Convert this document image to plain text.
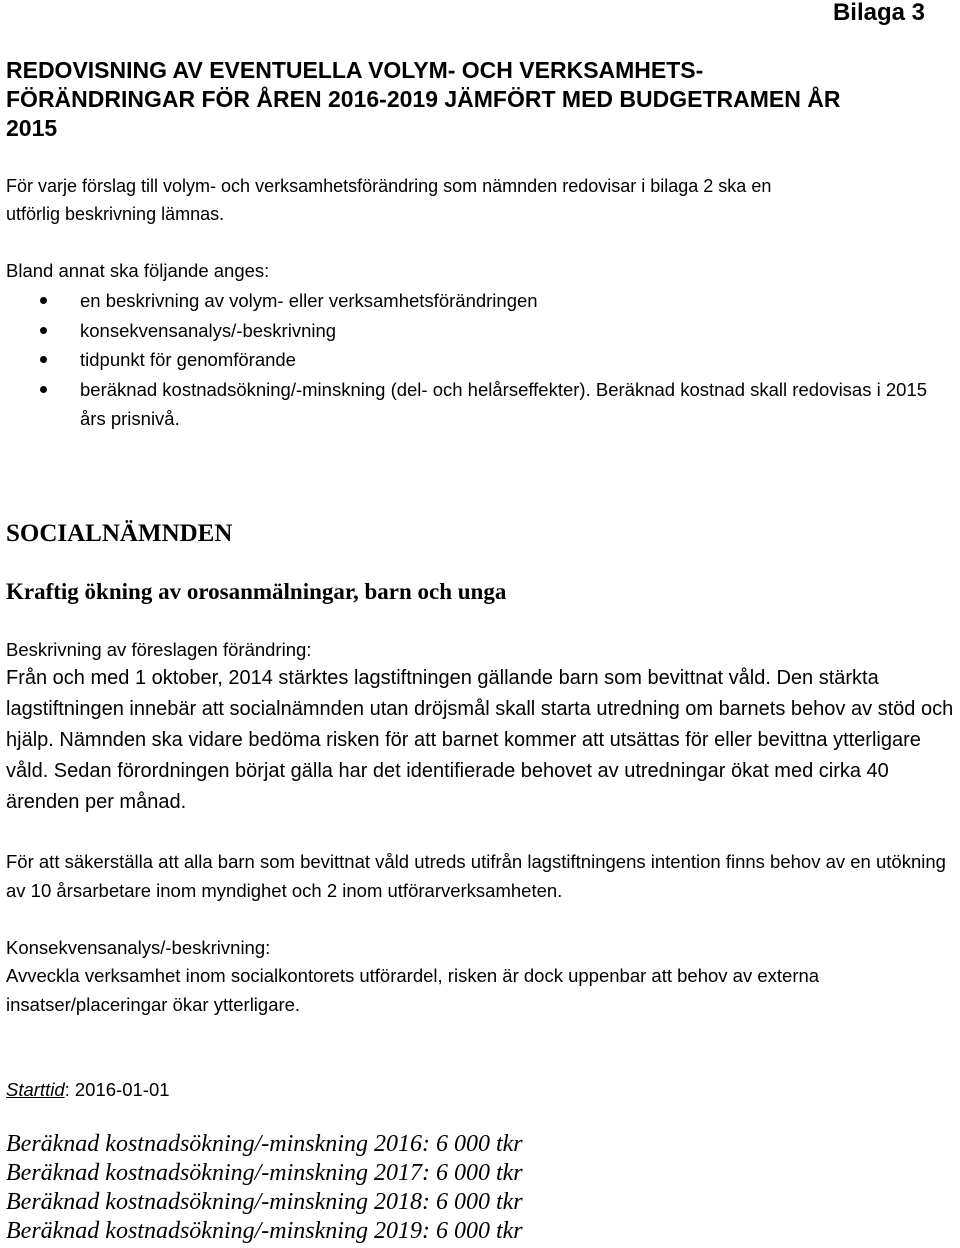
Bilaga 3
REDOVISNING AV EVENTUELLA VOLYM- OCH VERKSAMHETS-
FÖRÄNDRINGAR FÖR ÅREN 2016-2019 JÄMFÖRT MED BUDGETRAMEN ÅR
2015

För varje förslag till volym- och verksamhetsförändring som nämnden redovisar i bilaga 2 ska en
utförlig beskrivning lämnas.

Bland annat ska följande anges:

en beskrivning av volym- eller verksamhetsförändringen
konsekvensanalys/-beskrivning
tidpunkt för genomförande
beräknad kostnadsökning/-minskning (del- och helårseffekter). Beräknad kostnad skall redovisas i 2015 års prisnivå.
SOCIALNÄMNDEN
Kraftig ökning av orosanmälningar, barn och unga

Beskrivning av föreslagen förändring:

Från och med 1 oktober, 2014 stärktes lagstiftningen gällande barn som bevittnat våld. Den stärkta lagstiftningen innebär att socialnämnden utan dröjsmål skall starta utredning om barnets behov av stöd och hjälp. Nämnden ska vidare bedöma risken för att barnet kommer att utsättas för eller bevittna ytterligare våld. Sedan förordningen börjat gälla har det identifierade behovet av utredningar ökat med cirka 40 ärenden per månad.

För att säkerställa att alla barn som bevittnat våld utreds utifrån lagstiftningens intention finns behov av en utökning av 10 årsarbetare inom myndighet och 2 inom utförarverksamheten.

Konsekvensanalys/-beskrivning:

Avveckla verksamhet inom socialkontorets utförardel, risken är dock uppenbar att behov av externa insatser/placeringar ökar ytterligare.

Starttid: 2016-01-01

Beräknad kostnadsökning/-minskning 2016: 6 000 tkr
Beräknad kostnadsökning/-minskning 2017: 6 000 tkr
Beräknad kostnadsökning/-minskning 2018: 6 000 tkr
Beräknad kostnadsökning/-minskning 2019: 6 000 tkr
